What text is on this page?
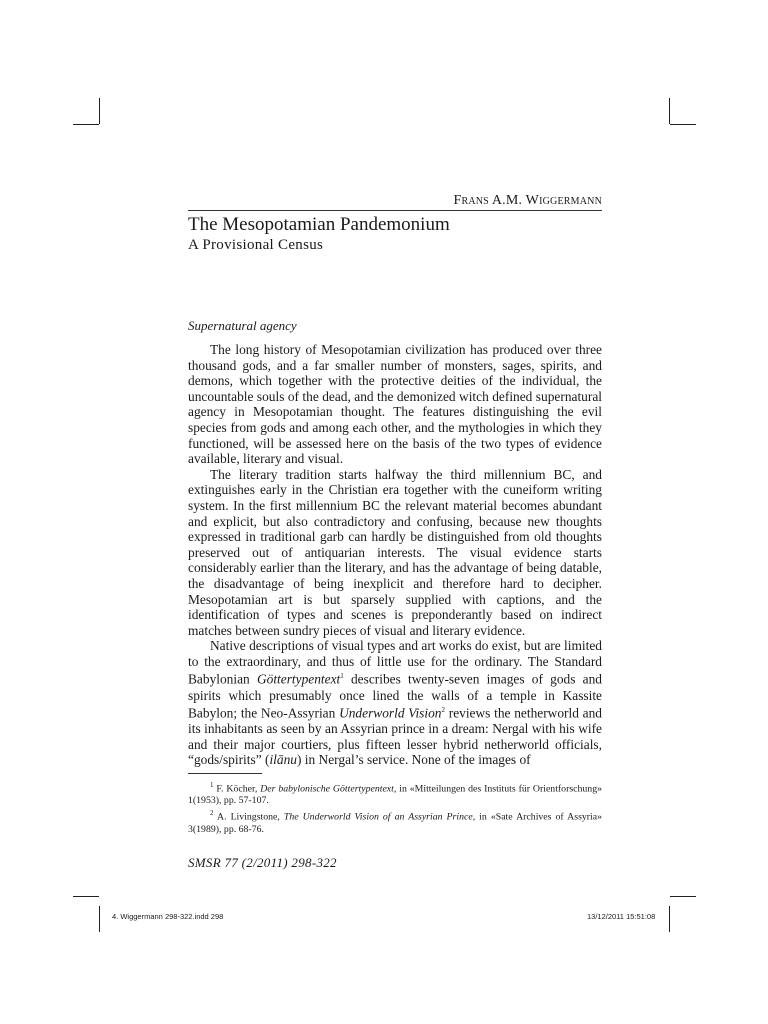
Frans A.M. Wiggermann
The Mesopotamian Pandemonium
A Provisional Census
Supernatural agency

The long history of Mesopotamian civilization has produced over three thousand gods, and a far smaller number of monsters, sages, spirits, and demons, which together with the protective deities of the individual, the uncountable souls of the dead, and the demonized witch defined supernatural agency in Mesopotamian thought. The features distinguishing the evil species from gods and among each other, and the mythologies in which they functioned, will be assessed here on the basis of the two types of evidence available, literary and visual.

The literary tradition starts halfway the third millennium BC, and extinguishes early in the Christian era together with the cuneiform writing system. In the first millennium BC the relevant material becomes abundant and explicit, but also contradictory and confusing, because new thoughts expressed in traditional garb can hardly be distinguished from old thoughts preserved out of antiquarian interests. The visual evidence starts considerably earlier than the literary, and has the advantage of being datable, the disadvantage of being inexplicit and therefore hard to decipher. Mesopotamian art is but sparsely supplied with captions, and the identification of types and scenes is preponderantly based on indirect matches between sundry pieces of visual and literary evidence.

Native descriptions of visual types and art works do exist, but are limited to the extraordinary, and thus of little use for the ordinary. The Standard Babylonian Göttertypentext$^1$ describes twenty-seven images of gods and spirits which presumably once lined the walls of a temple in Kassite Babylon; the Neo-Assyrian Underworld Vision$^2$ reviews the netherworld and its inhabitants as seen by an Assyrian prince in a dream: Nergal with his wife and their major courtiers, plus fifteen lesser hybrid netherworld officials, “gods/spirits” (ilānu) in Nergal’s service. None of the images of

$^1$ F. Köcher, Der babylonische Göttertypentext, in «Mitteilungen des Instituts für Orientforschung» 1(1953), pp. 57-107.

$^2$ A. Livingstone, The Underworld Vision of an Assyrian Prince, in «Sate Archives of Assyria» 3(1989), pp. 68-76.

SMSR 77 (2/2011) 298-322
4. Wiggermann 298-322.indd 298	13/12/2011 15:51:08
